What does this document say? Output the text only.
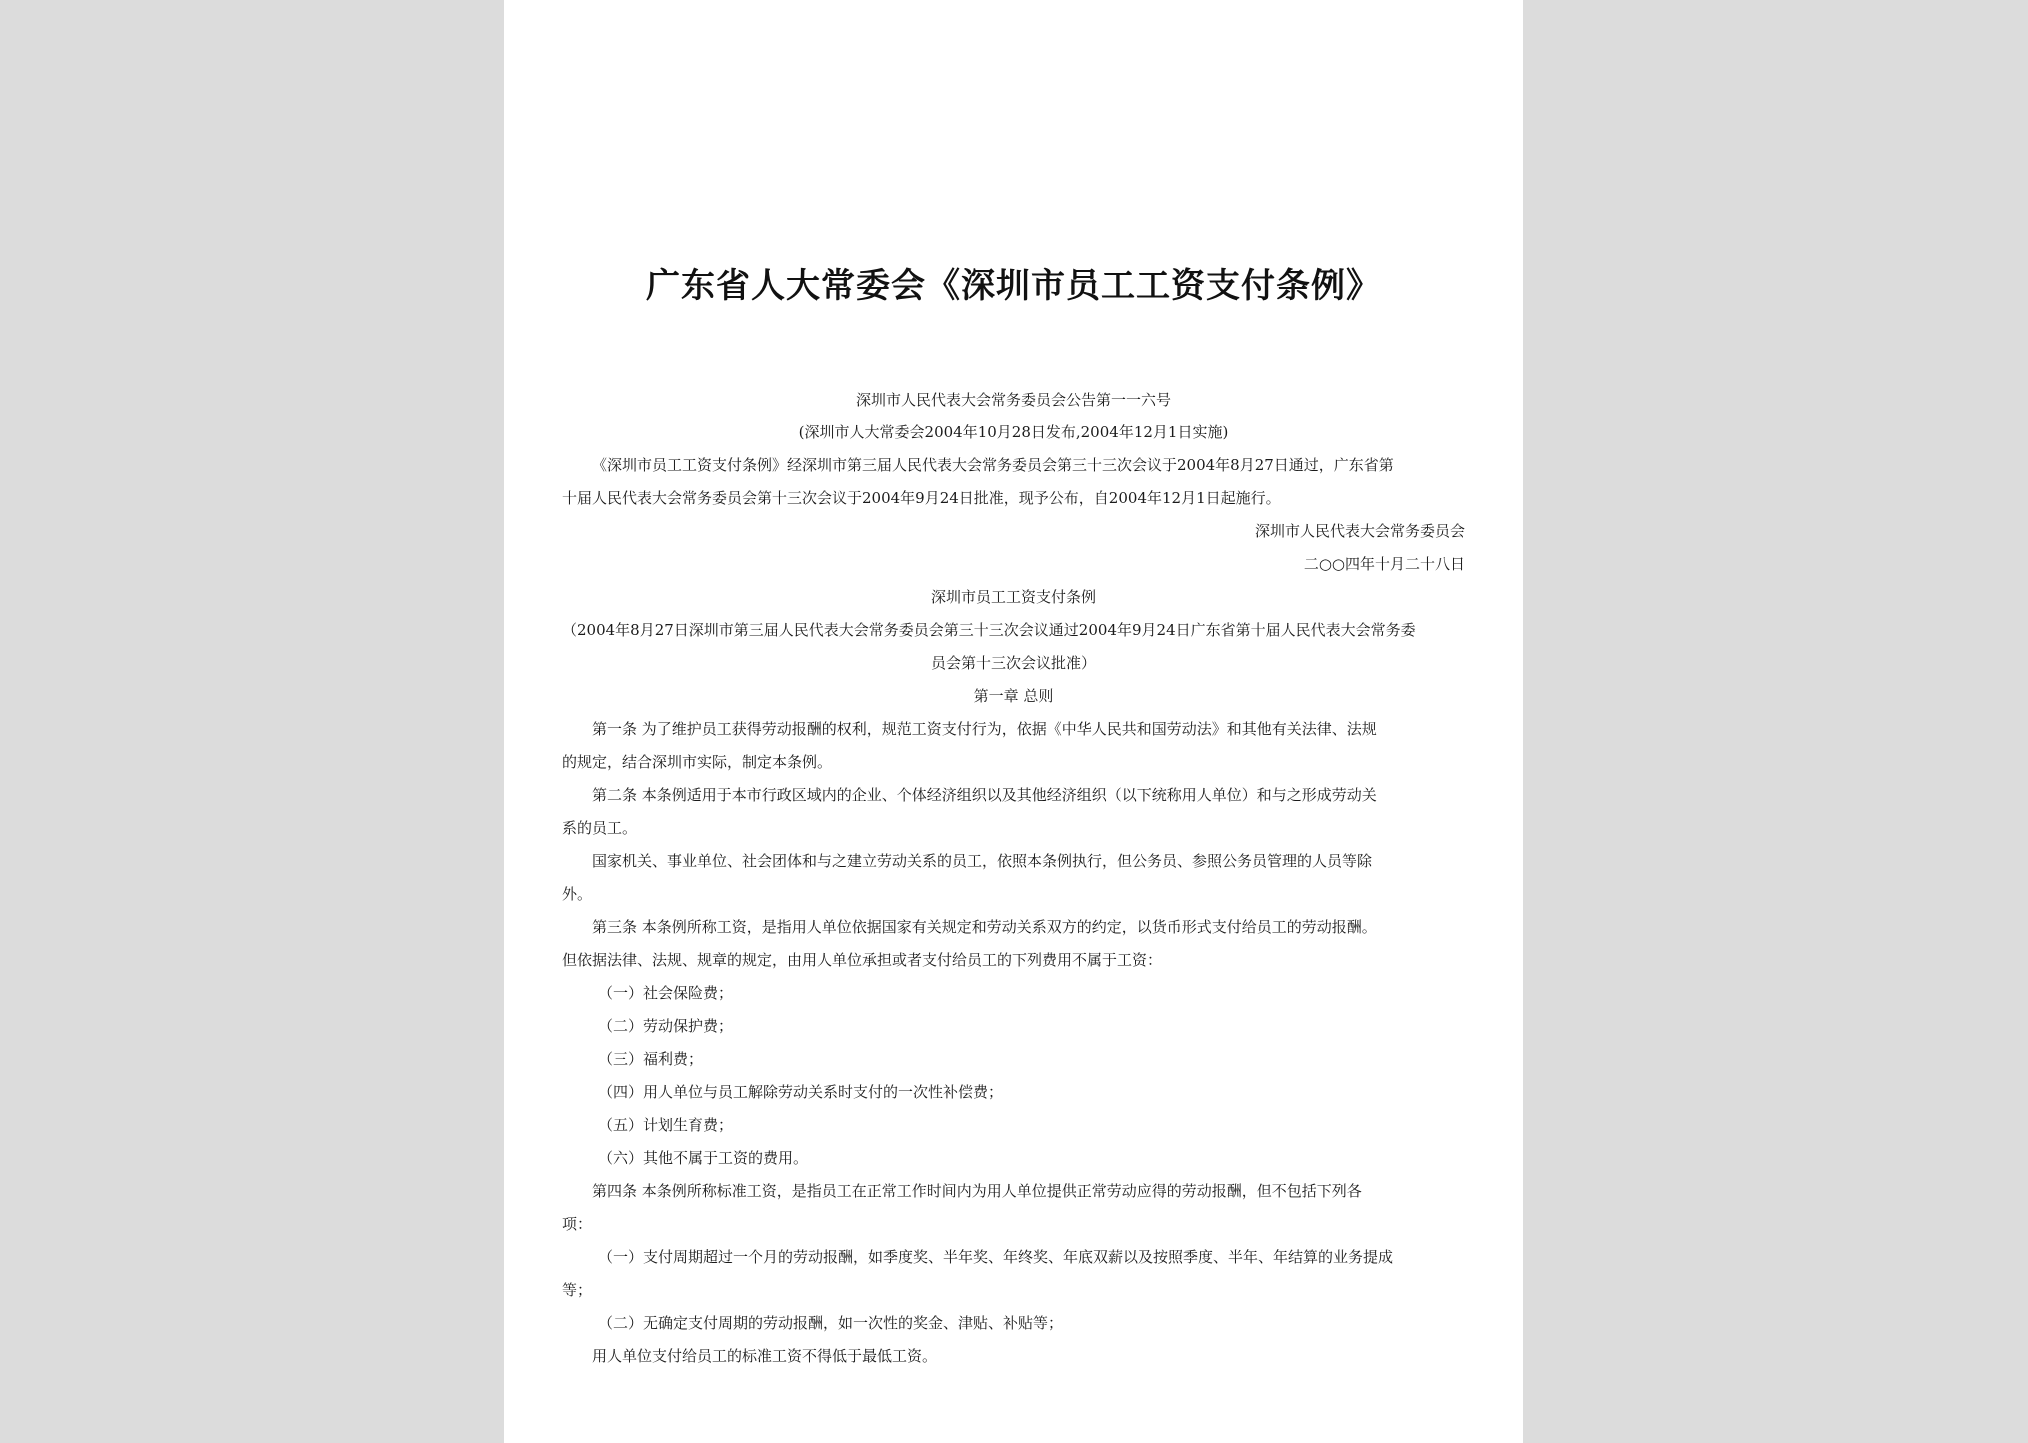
广东省人大常委会《深圳市员工工资支付条例》
深圳市人民代表大会常务委员会公告第一一六号
(深圳市人大常委会2004年10月28日发布,2004年12月1日实施)
《深圳市员工工资支付条例》经深圳市第三届人民代表大会常务委员会第三十三次会议于2004年8月27日通过，广东省第
十届人民代表大会常务委员会第十三次会议于2004年9月24日批准，现予公布，自2004年12月1日起施行。
深圳市人民代表大会常务委员会
二○○四年十月二十八日
深圳市员工工资支付条例
（2004年8月27日深圳市第三届人民代表大会常务委员会第三十三次会议通过2004年9月24日广东省第十届人民代表大会常务委
员会第十三次会议批准）
第一章 总则
第一条 为了维护员工获得劳动报酬的权利，规范工资支付行为，依据《中华人民共和国劳动法》和其他有关法律、法规
的规定，结合深圳市实际，制定本条例。
第二条 本条例适用于本市行政区域内的企业、个体经济组织以及其他经济组织（以下统称用人单位）和与之形成劳动关
系的员工。
国家机关、事业单位、社会团体和与之建立劳动关系的员工，依照本条例执行，但公务员、参照公务员管理的人员等除
外。
第三条 本条例所称工资，是指用人单位依据国家有关规定和劳动关系双方的约定，以货币形式支付给员工的劳动报酬。
但依据法律、法规、规章的规定，由用人单位承担或者支付给员工的下列费用不属于工资：
（一）社会保险费；
（二）劳动保护费；
（三）福利费；
（四）用人单位与员工解除劳动关系时支付的一次性补偿费；
（五）计划生育费；
（六）其他不属于工资的费用。
第四条 本条例所称标准工资，是指员工在正常工作时间内为用人单位提供正常劳动应得的劳动报酬，但不包括下列各
项：
（一）支付周期超过一个月的劳动报酬，如季度奖、半年奖、年终奖、年底双薪以及按照季度、半年、年结算的业务提成
等；
（二）无确定支付周期的劳动报酬，如一次性的奖金、津贴、补贴等；
用人单位支付给员工的标准工资不得低于最低工资。
